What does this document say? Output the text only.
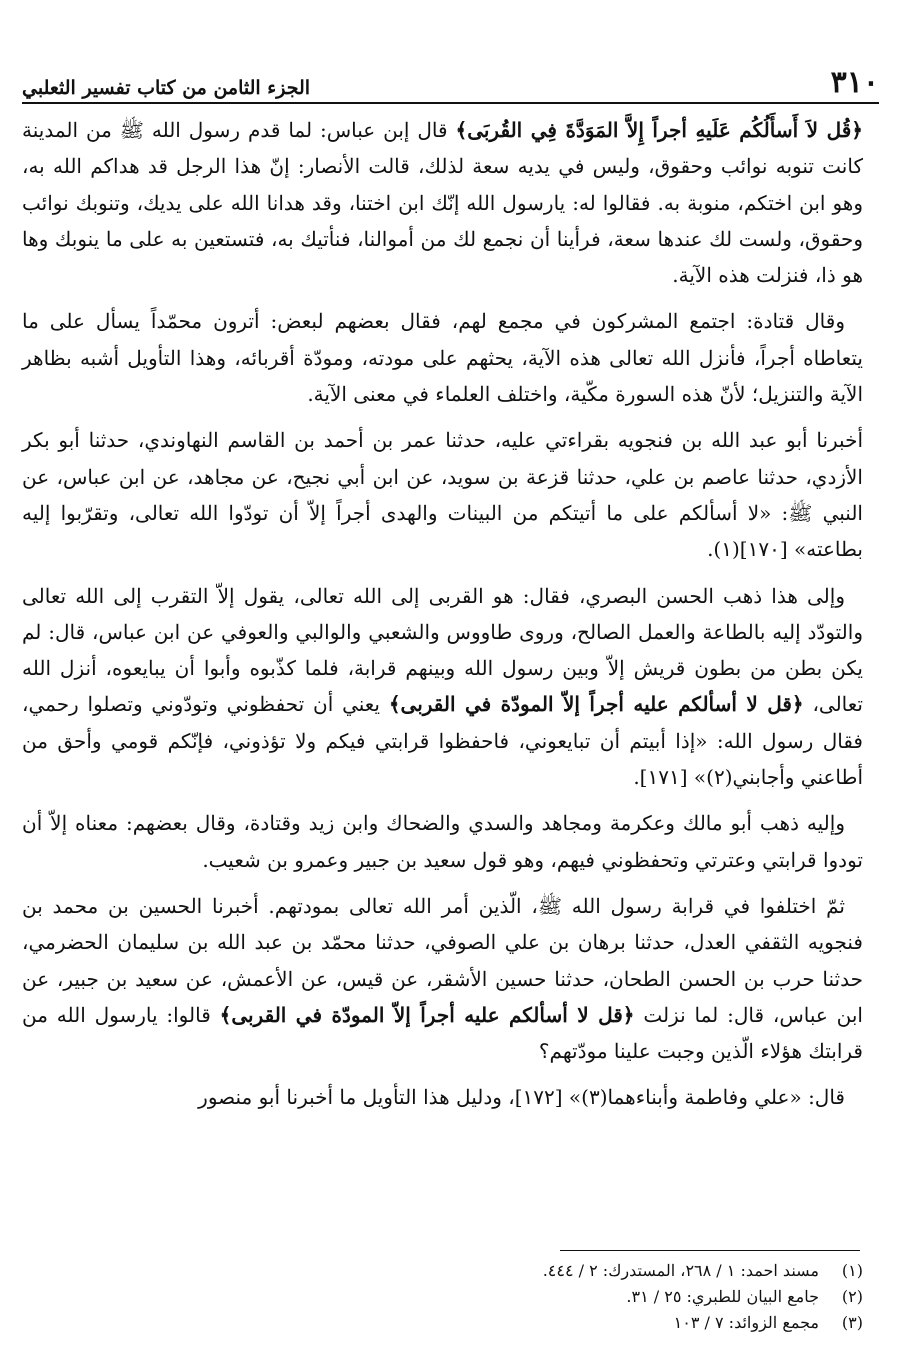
٣١٠
الجزء الثامن من كتاب تفسير الثعلبي

﴿قُل لاَ أَسأَلُكُم عَلَيهِ أجراً إِلاَّ المَوَدَّةَ فِي القُربَى﴾ قال إبن عباس: لما قدم رسول الله ﷺ من المدينة كانت تنوبه نوائب وحقوق، وليس في يديه سعة لذلك، قالت الأنصار: إنّ هذا الرجل قد هداكم الله به، وهو ابن اختكم، منوبة به. فقالوا له: يارسول الله إنّك ابن اختنا، وقد هدانا الله على يديك، وتنوبك نوائب وحقوق، ولست لك عندها سعة، فرأينا أن نجمع لك من أموالنا، فنأتيك به، فتستعين به على ما ينوبك وها هو ذا، فنزلت هذه الآية.

وقال قتادة: اجتمع المشركون في مجمع لهم، فقال بعضهم لبعض: أترون محمّداً يسأل على ما يتعاطاه أجراً، فأنزل الله تعالى هذه الآية، يحثهم على مودته، ومودّة أقربائه، وهذا التأويل أشبه بظاهر الآية والتنزيل؛ لأنّ هذه السورة مكّية، واختلف العلماء في معنى الآية.

أخبرنا أبو عبد الله بن فنجويه بقراءتي عليه، حدثنا عمر بن أحمد بن القاسم النهاوندي، حدثنا أبو بكر الأزدي، حدثنا عاصم بن علي، حدثنا قزعة بن سويد، عن ابن أبي نجيح، عن مجاهد، عن ابن عباس، عن النبي ﷺ: «لا أسألكم على ما أتيتكم من البينات والهدى أجراً إلاّ أن تودّوا الله تعالى، وتقرّبوا إليه بطاعته» [١٧٠](١).

وإلى هذا ذهب الحسن البصري، فقال: هو القربى إلى الله تعالى، يقول إلاّ التقرب إلى الله تعالى والتودّد إليه بالطاعة والعمل الصالح، وروى طاووس والشعبي والوالبي والعوفي عن ابن عباس، قال: لم يكن بطن من بطون قريش إلاّ وبين رسول الله وبينهم قرابة، فلما كذّبوه وأبوا أن يبايعوه، أنزل الله تعالى، ﴿قل لا أسألكم عليه أجراً إلاّ المودّة في القربى﴾ يعني أن تحفظوني وتودّوني وتصلوا رحمي، فقال رسول الله: «إذا أبيتم أن تبايعوني، فاحفظوا قرابتي فيكم ولا تؤذوني، فإنّكم قومي وأحق من أطاعني وأجابني(٢)» [١٧١].

وإليه ذهب أبو مالك وعكرمة ومجاهد والسدي والضحاك وابن زيد وقتادة، وقال بعضهم: معناه إلاّ أن تودوا قرابتي وعترتي وتحفظوني فيهم، وهو قول سعيد بن جبير وعمرو بن شعيب.

ثمّ اختلفوا في قرابة رسول الله ﷺ، الّذين أمر الله تعالى بمودتهم. أخبرنا الحسين بن محمد بن فنجويه الثقفي العدل، حدثنا برهان بن علي الصوفي، حدثنا محمّد بن عبد الله بن سليمان الحضرمي، حدثنا حرب بن الحسن الطحان، حدثنا حسين الأشقر، عن قيس، عن الأعمش، عن سعيد بن جبير، عن ابن عباس، قال: لما نزلت ﴿قل لا أسألكم عليه أجراً إلاّ المودّة في القربى﴾ قالوا: يارسول الله من قرابتك هؤلاء الّذين وجبت علينا مودّتهم؟

قال: «علي وفاطمة وأبناءهما(٣)» [١٧٢]، ودليل هذا التأويل ما أخبرنا أبو منصور

(١)
مسند احمد: ١ / ٢٦٨، المستدرك: ٢ / ٤٤٤.
(٢)
جامع البيان للطبري: ٢٥ / ٣١.
(٣)
مجمع الزوائد: ٧ / ١٠٣
